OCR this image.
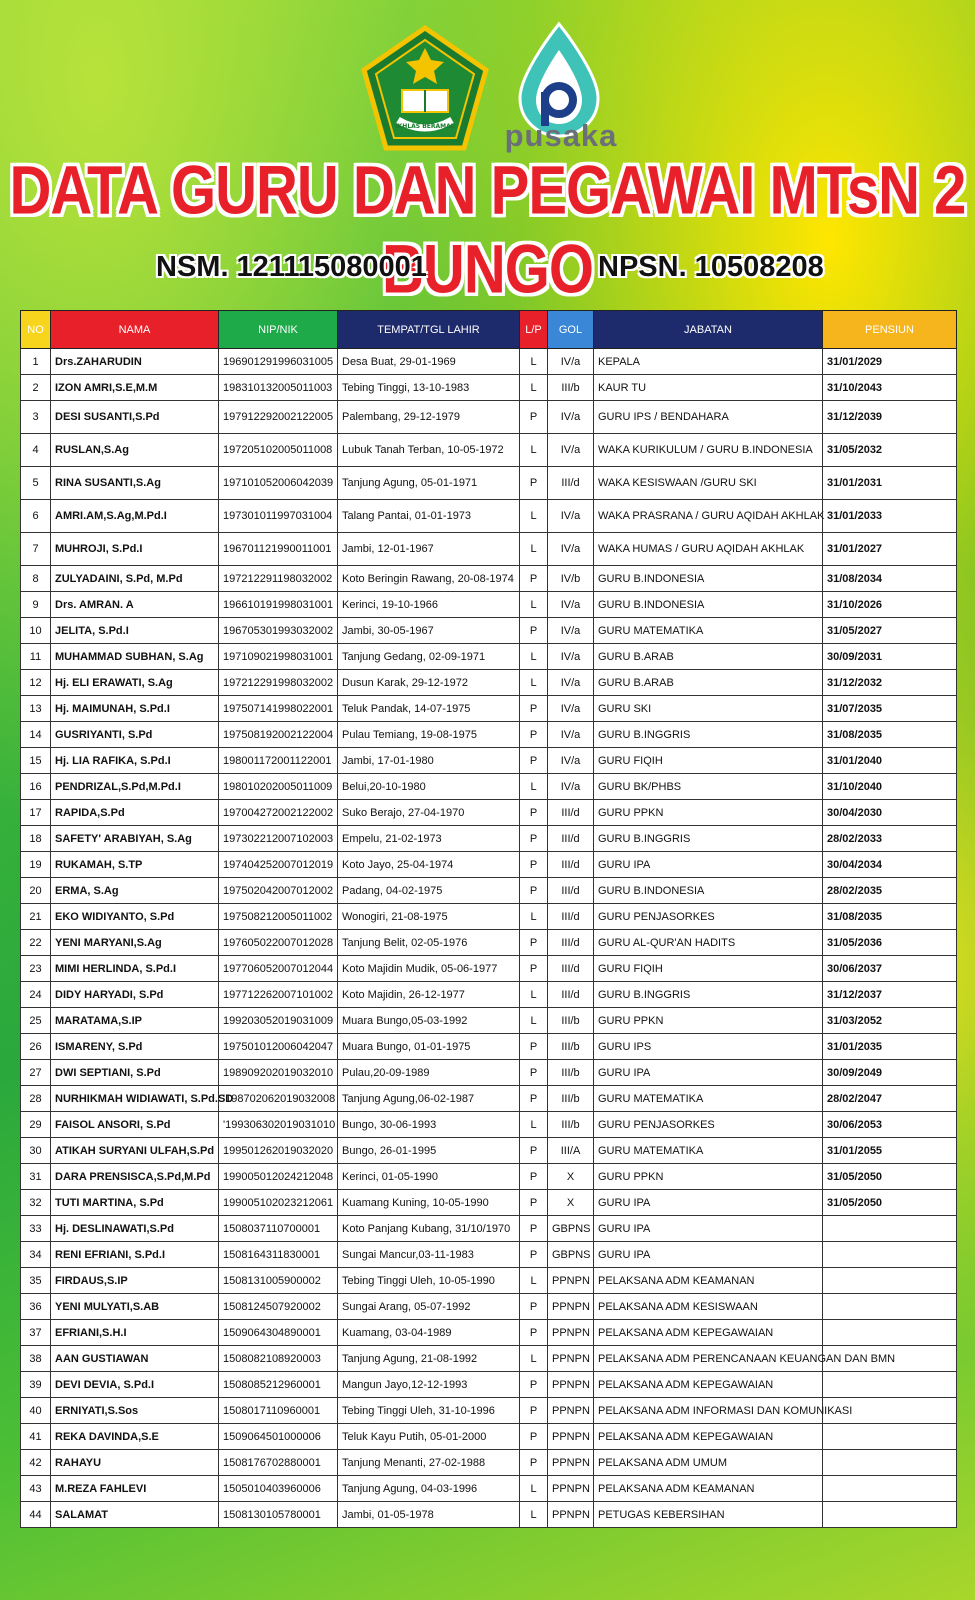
IKHLAS BERAMAL pusaka
DATA GURU DAN PEGAWAI MTsN 2 BUNGO
NSM. 121115080001	NPSN. 10508208
NO	NAMA	NIP/NIK	TEMPAT/TGL LAHIR	L/P	GOL	JABATAN	PENSIUN
1	Drs.ZAHARUDIN	196901291996031005	Desa Buat, 29-01-1969	L	IV/a	KEPALA	31/01/2029
2	IZON AMRI,S.E,M.M	198310132005011003	Tebing Tinggi, 13-10-1983	L	III/b	KAUR TU	31/10/2043
3	DESI SUSANTI,S.Pd	197912292002122005	Palembang, 29-12-1979	P	IV/a	GURU IPS / BENDAHARA	31/12/2039
4	RUSLAN,S.Ag	197205102005011008	Lubuk Tanah Terban, 10-05-1972	L	IV/a	WAKA KURIKULUM / GURU B.INDONESIA	31/05/2032
5	RINA SUSANTI,S.Ag	197101052006042039	Tanjung Agung, 05-01-1971	P	III/d	WAKA KESISWAAN /GURU SKI	31/01/2031
6	AMRI.AM,S.Ag,M.Pd.I	197301011997031004	Talang Pantai, 01-01-1973	L	IV/a	WAKA PRASRANA / GURU AQIDAH AKHLAK	31/01/2033
7	MUHROJI, S.Pd.I	196701121990011001	Jambi, 12-01-1967	L	IV/a	WAKA HUMAS / GURU AQIDAH AKHLAK	31/01/2027
8	ZULYADAINI, S.Pd, M.Pd	197212291198032002	Koto Beringin Rawang, 20-08-1974	P	IV/b	GURU B.INDONESIA	31/08/2034
9	Drs. AMRAN. A	196610191998031001	Kerinci, 19-10-1966	L	IV/a	GURU B.INDONESIA	31/10/2026
10	JELITA, S.Pd.I	196705301993032002	Jambi, 30-05-1967	P	IV/a	GURU MATEMATIKA	31/05/2027
11	MUHAMMAD SUBHAN, S.Ag	197109021998031001	Tanjung Gedang, 02-09-1971	L	IV/a	GURU B.ARAB	30/09/2031
12	Hj. ELI ERAWATI, S.Ag	197212291998032002	Dusun Karak, 29-12-1972	L	IV/a	GURU B.ARAB	31/12/2032
13	Hj. MAIMUNAH, S.Pd.I	197507141998022001	Teluk Pandak, 14-07-1975	P	IV/a	GURU SKI	31/07/2035
14	GUSRIYANTI, S.Pd	197508192002122004	Pulau Temiang, 19-08-1975	P	IV/a	GURU B.INGGRIS	31/08/2035
15	Hj. LIA RAFIKA, S.Pd.I	198001172001122001	Jambi, 17-01-1980	P	IV/a	GURU FIQIH	31/01/2040
16	PENDRIZAL,S.Pd,M.Pd.I	198010202005011009	Belui,20-10-1980	L	IV/a	GURU BK/PHBS	31/10/2040
17	RAPIDA,S.Pd	197004272002122002	Suko Berajo, 27-04-1970	P	III/d	GURU PPKN	30/04/2030
18	SAFETY' ARABIYAH, S.Ag	197302212007102003	Empelu, 21-02-1973	P	III/d	GURU B.INGGRIS	28/02/2033
19	RUKAMAH, S.TP	197404252007012019	Koto Jayo, 25-04-1974	P	III/d	GURU IPA	30/04/2034
20	ERMA, S.Ag	197502042007012002	Padang, 04-02-1975	P	III/d	GURU B.INDONESIA	28/02/2035
21	EKO WIDIYANTO, S.Pd	197508212005011002	Wonogiri, 21-08-1975	L	III/d	GURU PENJASORKES	31/08/2035
22	YENI MARYANI,S.Ag	197605022007012028	Tanjung Belit, 02-05-1976	P	III/d	GURU AL-QUR'AN HADITS	31/05/2036
23	MIMI HERLINDA, S.Pd.I	197706052007012044	Koto Majidin Mudik, 05-06-1977	P	III/d	GURU FIQIH	30/06/2037
24	DIDY HARYADI, S.Pd	197712262007101002	Koto Majidin, 26-12-1977	L	III/d	GURU B.INGGRIS	31/12/2037
25	MARATAMA,S.IP	199203052019031009	Muara Bungo,05-03-1992	L	III/b	GURU PPKN	31/03/2052
26	ISMARENY, S.Pd	197501012006042047	Muara Bungo, 01-01-1975	P	III/b	GURU IPS	31/01/2035
27	DWI SEPTIANI, S.Pd	198909202019032010	Pulau,20-09-1989	P	III/b	GURU IPA	30/09/2049
28	NURHIKMAH WIDIAWATI, S.Pd.SD	'198702062019032008	Tanjung Agung,06-02-1987	P	III/b	GURU MATEMATIKA	28/02/2047
29	FAISOL ANSORI, S.Pd	'199306302019031010	Bungo, 30-06-1993	L	III/b	GURU PENJASORKES	30/06/2053
30	ATIKAH SURYANI ULFAH,S.Pd	199501262019032020	Bungo, 26-01-1995	P	III/A	GURU MATEMATIKA	31/01/2055
31	DARA PRENSISCA,S.Pd,M.Pd	199005012024212048	Kerinci, 01-05-1990	P	X	GURU PPKN	31/05/2050
32	TUTI MARTINA, S.Pd	199005102023212061	Kuamang Kuning, 10-05-1990	P	X	GURU IPA	31/05/2050
33	Hj. DESLINAWATI,S.Pd	1508037110700001	Koto Panjang Kubang, 31/10/1970	P	GBPNS	GURU IPA	
34	RENI EFRIANI, S.Pd.I	1508164311830001	Sungai Mancur,03-11-1983	P	GBPNS	GURU IPA	
35	FIRDAUS,S.IP	1508131005900002	Tebing Tinggi Uleh, 10-05-1990	L	PPNPN	PELAKSANA ADM KEAMANAN	
36	YENI MULYATI,S.AB	1508124507920002	Sungai Arang, 05-07-1992	P	PPNPN	PELAKSANA ADM KESISWAAN	
37	EFRIANI,S.H.I	1509064304890001	Kuamang, 03-04-1989	P	PPNPN	PELAKSANA ADM KEPEGAWAIAN	
38	AAN GUSTIAWAN	1508082108920003	Tanjung Agung, 21-08-1992	L	PPNPN	PELAKSANA ADM PERENCANAAN KEUANGAN DAN BMN	
39	DEVI DEVIA, S.Pd.I	1508085212960001	Mangun Jayo,12-12-1993	P	PPNPN	PELAKSANA ADM KEPEGAWAIAN	
40	ERNIYATI,S.Sos	1508017110960001	Tebing Tinggi Uleh, 31-10-1996	P	PPNPN	PELAKSANA ADM INFORMASI DAN KOMUNIKASI	
41	REKA DAVINDA,S.E	1509064501000006	Teluk Kayu Putih, 05-01-2000	P	PPNPN	PELAKSANA ADM KEPEGAWAIAN	
42	RAHAYU	1508176702880001	Tanjung Menanti, 27-02-1988	P	PPNPN	PELAKSANA ADM UMUM	
43	M.REZA FAHLEVI	1505010403960006	Tanjung Agung, 04-03-1996	L	PPNPN	PELAKSANA ADM KEAMANAN	
44	SALAMAT	1508130105780001	Jambi, 01-05-1978	L	PPNPN	PETUGAS KEBERSIHAN	
